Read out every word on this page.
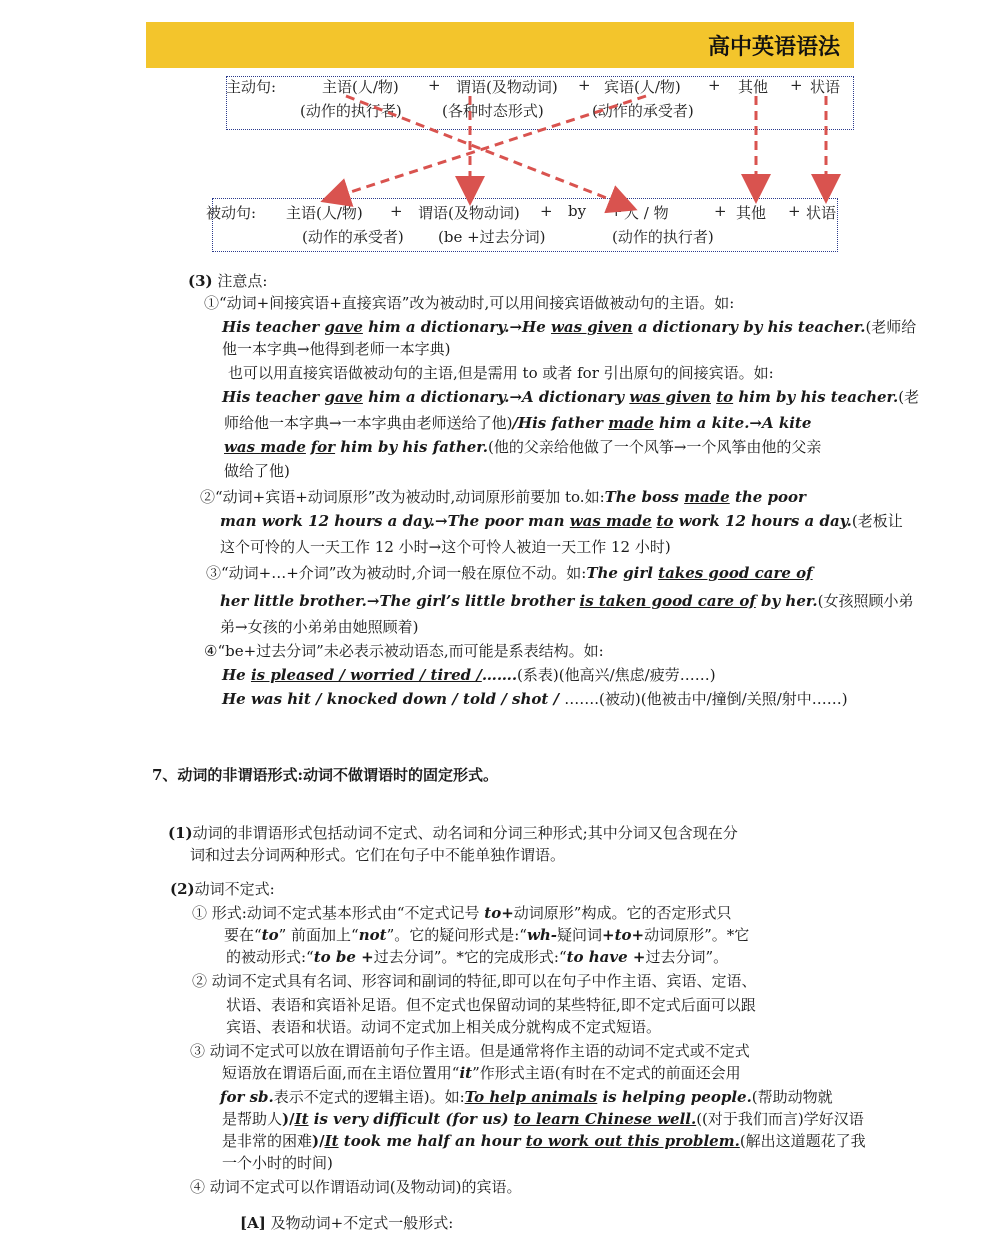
高中英语语法
主动句:	主语(人/物) + 谓语(及物动词) + 宾语(人/物) + 其他 + 状语
(动作的执行者)	(各种时态形式)	(动作的承受者)
被动句: 主语(人/物) + 谓语(及物动词) + by + 人 / 物	+ 其他 + 状语
(动作的承受者) (be +过去分词)	(动作的执行者)
(3) 注意点:
①“动词+间接宾语+直接宾语”改为被动时,可以用间接宾语做被动句的主语。如:
His teacher gave him a dictionary.→He was given a dictionary by his teacher.(老师给
他一本字典→他得到老师一本字典)
也可以用直接宾语做被动句的主语,但是需用 to 或者 for 引出原句的间接宾语。如:
His teacher gave him a dictionary.→A dictionary was given to him by his teacher.(老
师给他一本字典→一本字典由老师送给了他)/His father made him a kite.→A kite
was made for him by his father.(他的父亲给他做了一个风筝→一个风筝由他的父亲
做给了他)
②“动词+宾语+动词原形”改为被动时,动词原形前要加 to.如:The boss made the poor
man work 12 hours a day.→The poor man was made to work 12 hours a day.(老板让
这个可怜的人一天工作 12 小时→这个可怜人被迫一天工作 12 小时)
③“动词+…+介词”改为被动时,介词一般在原位不动。如:The girl takes good care of
her little brother.→The girl’s little brother is taken good care of by her.(女孩照顾小弟
弟→女孩的小弟弟由她照顾着)
④“be+过去分词”未必表示被动语态,而可能是系表结构。如:
He is pleased / worried / tired /…….(系表)(他高兴/焦虑/疲劳……)
He was hit / knocked down / told / shot / …….(被动)(他被击中/撞倒/关照/射中……)
7、动词的非谓语形式:动词不做谓语时的固定形式。
(1)动词的非谓语形式包括动词不定式、动名词和分词三种形式;其中分词又包含现在分
词和过去分词两种形式。它们在句子中不能单独作谓语。
(2)动词不定式:
① 形式:动词不定式基本形式由“不定式记号 to+动词原形”构成。它的否定形式只
要在“to” 前面加上“not”。它的疑问形式是:“wh-疑问词+to+动词原形”。*它
的被动形式:“to be +过去分词”。*它的完成形式:“to have +过去分词”。
② 动词不定式具有名词、形容词和副词的特征,即可以在句子中作主语、宾语、定语、
状语、表语和宾语补足语。但不定式也保留动词的某些特征,即不定式后面可以跟
宾语、表语和状语。动词不定式加上相关成分就构成不定式短语。
③ 动词不定式可以放在谓语前句子作主语。但是通常将作主语的动词不定式或不定式
短语放在谓语后面,而在主语位置用“it”作形式主语(有时在不定式的前面还会用
for sb.表示不定式的逻辑主语)。如:To help animals is helping people.(帮助动物就
是帮助人)/It is very difficult (for us) to learn Chinese well.((对于我们而言)学好汉语
是非常的困难)/It took me half an hour to work out this problem.(解出这道题花了我
一个小时的时间)
④ 动词不定式可以作谓语动词(及物动词)的宾语。
[A] 及物动词+不定式一般形式:
